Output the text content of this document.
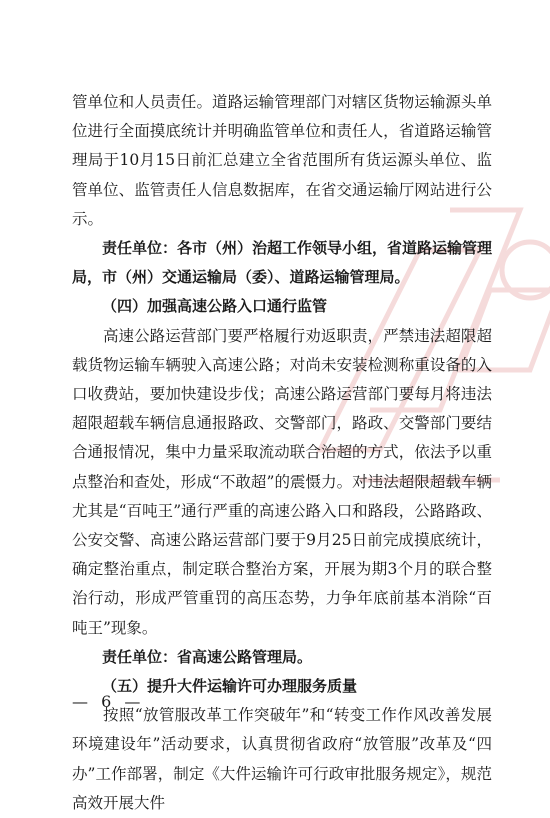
管单位和人员责任。道路运输管理部门对辖区货物运输源头单位进行全面摸底统计并明确监管单位和责任人，省道路运输管理局于10月15日前汇总建立全省范围所有货运源头单位、监管单位、监管责任人信息数据库，在省交通运输厅网站进行公示。

责任单位：各市（州）治超工作领导小组，省道路运输管理局，市（州）交通运输局（委）、道路运输管理局。

（四）加强高速公路入口通行监管

高速公路运营部门要严格履行劝返职责，严禁违法超限超载货物运输车辆驶入高速公路；对尚未安装检测称重设备的入口收费站，要加快建设步伐；高速公路运营部门要每月将违法超限超载车辆信息通报路政、交警部门，路政、交警部门要结合通报情况，集中力量采取流动联合治超的方式，依法予以重点整治和查处，形成“不敢超”的震慑力。对违法超限超载车辆尤其是“百吨王”通行严重的高速公路入口和路段，公路路政、公安交警、高速公路运营部门要于9月25日前完成摸底统计，确定整治重点，制定联合整治方案，开展为期3个月的联合整治行动，形成严管重罚的高压态势，力争年底前基本消除“百吨王”现象。

责任单位：省高速公路管理局。

（五）提升大件运输许可办理服务质量

按照“放管服改革工作突破年”和“转变工作作风改善发展环境建设年”活动要求，认真贯彻省政府“放管服”改革及“四办”工作部署，制定《大件运输许可行政审批服务规定》，规范高效开展大件

— 6 —
